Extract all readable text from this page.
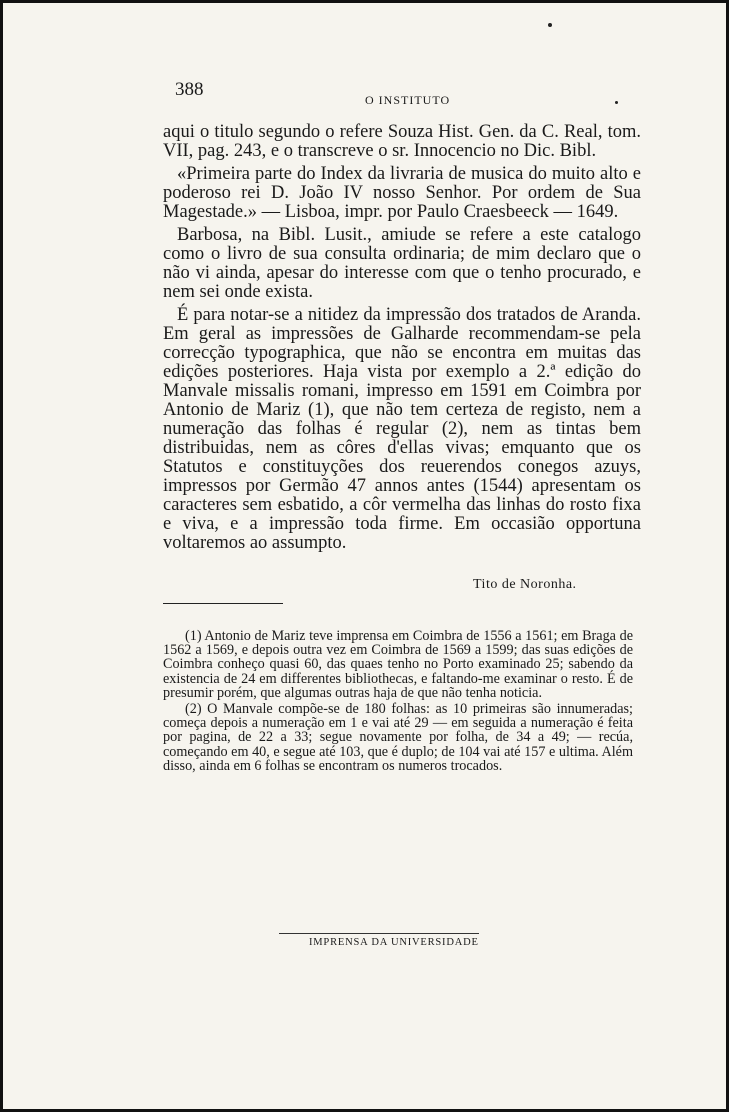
388	O INSTITUTO

aqui o titulo segundo o refere Souza Hist. Gen. da C. Real, tom. VII, pag. 243, e o transcreve o sr. Innocencio no Dic. Bibl.

«Primeira parte do Index da livraria de musica do muito alto e poderoso rei D. João IV nosso Senhor. Por ordem de Sua Magestade.» — Lisboa, impr. por Paulo Craesbeeck — 1649.

Barbosa, na Bibl. Lusit., amiude se refere a este catalogo como o livro de sua consulta ordinaria; de mim declaro que o não vi ainda, apesar do interesse com que o tenho procurado, e nem sei onde exista.

É para notar-se a nitidez da impressão dos tratados de Aranda. Em geral as impressões de Galharde recommendam-se pela correcção typographica, que não se encontra em muitas das edições posteriores. Haja vista por exemplo a 2.ª edição do Manvale missalis romani, impresso em 1591 em Coimbra por Antonio de Mariz (1), que não tem certeza de registo, nem a numeração das folhas é regular (2), nem as tintas bem distribuidas, nem as côres d'ellas vivas; emquanto que os Statutos e constituyções dos reuerendos conegos azuys, impressos por Germão 47 annos antes (1544) apresentam os caracteres sem esbatido, a côr vermelha das linhas do rosto fixa e viva, e a impressão toda firme. Em occasião opportuna voltaremos ao assumpto.

Tito de Noronha.

(1) Antonio de Mariz teve imprensa em Coimbra de 1556 a 1561; em Braga de 1562 a 1569, e depois outra vez em Coimbra de 1569 a 1599; das suas edições de Coimbra conheço quasi 60, das quaes tenho no Porto examinado 25; sabendo da existencia de 24 em differentes bibliothecas, e faltando-me examinar o resto. É de presumir porém, que algumas outras haja de que não tenha noticia.

(2) O Manvale compõe-se de 180 folhas: as 10 primeiras são innumeradas; começa depois a numeração em 1 e vai até 29 — em seguida a numeração é feita por pagina, de 22 a 33; segue novamente por folha, de 34 a 49; — recúa, começando em 40, e segue até 103, que é duplo; de 104 vai até 157 e ultima. Além disso, ainda em 6 folhas se encontram os numeros trocados.

IMPRENSA DA UNIVERSIDADE
